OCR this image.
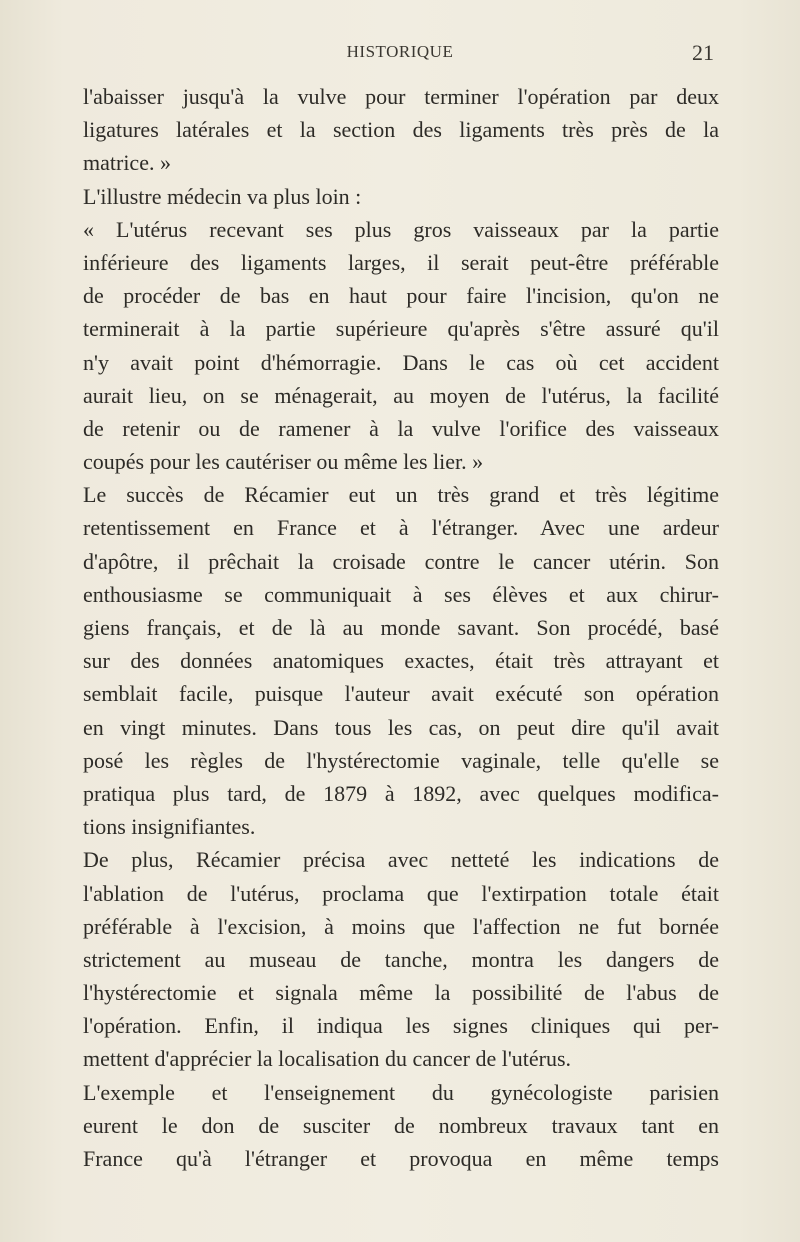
HISTORIQUE	21
l'abaisser jusqu'à la vulve pour terminer l'opération par deux
ligatures latérales et la section des ligaments très près de la
matrice. »
L'illustre médecin va plus loin :
« L'utérus recevant ses plus gros vaisseaux par la partie
inférieure des ligaments larges, il serait peut-être préférable
de procéder de bas en haut pour faire l'incision, qu'on ne
terminerait à la partie supérieure qu'après s'être assuré qu'il
n'y avait point d'hémorragie. Dans le cas où cet accident
aurait lieu, on se ménagerait, au moyen de l'utérus, la facilité
de retenir ou de ramener à la vulve l'orifice des vaisseaux
coupés pour les cautériser ou même les lier. »
Le succès de Récamier eut un très grand et très légitime
retentissement en France et à l'étranger. Avec une ardeur
d'apôtre, il prêchait la croisade contre le cancer utérin. Son
enthousiasme se communiquait à ses élèves et aux chirur-
giens français, et de là au monde savant. Son procédé, basé
sur des données anatomiques exactes, était très attrayant et
semblait facile, puisque l'auteur avait exécuté son opération
en vingt minutes. Dans tous les cas, on peut dire qu'il avait
posé les règles de l'hystérectomie vaginale, telle qu'elle se
pratiqua plus tard, de 1879 à 1892, avec quelques modifica-
tions insignifiantes.
De plus, Récamier précisa avec netteté les indications de
l'ablation de l'utérus, proclama que l'extirpation totale était
préférable à l'excision, à moins que l'affection ne fut bornée
strictement au museau de tanche, montra les dangers de
l'hystérectomie et signala même la possibilité de l'abus de
l'opération. Enfin, il indiqua les signes cliniques qui per-
mettent d'apprécier la localisation du cancer de l'utérus.
L'exemple et l'enseignement du gynécologiste parisien
eurent le don de susciter de nombreux travaux tant en
France qu'à l'étranger et provoqua en même temps
